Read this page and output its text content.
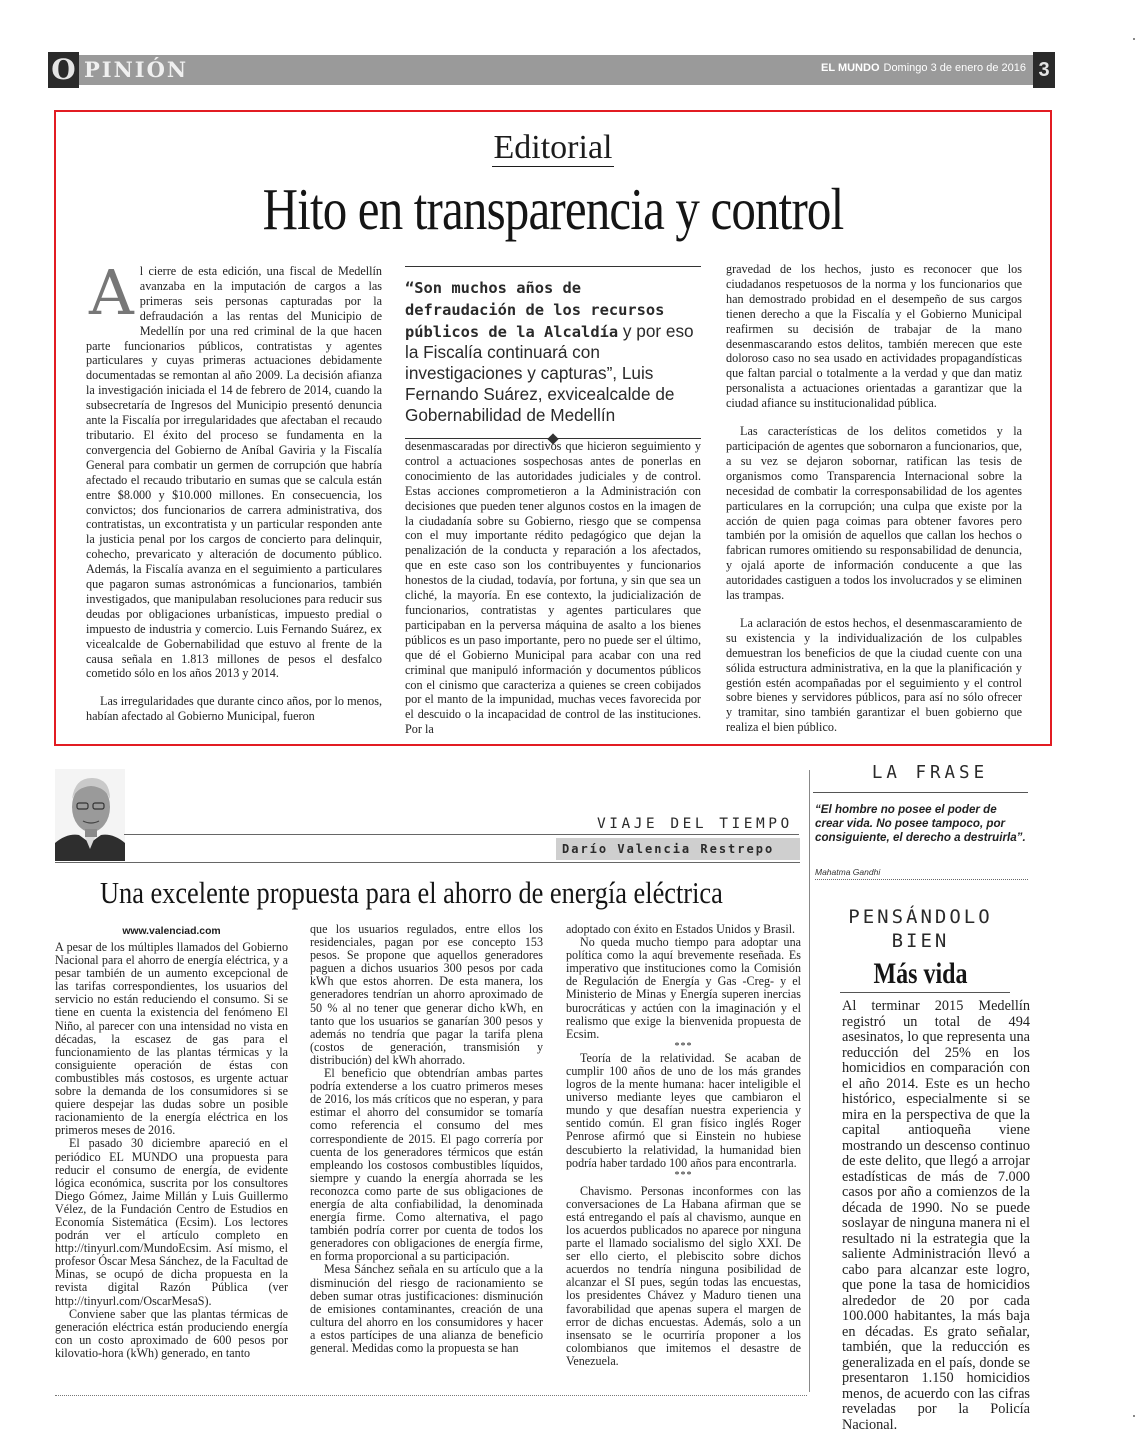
O PINIÓN	EL MUNDO Domingo 3 de enero de 2016 3
Editorial
Hito en transparencia y control

Al cierre de esta edición, una fiscal de Medellín avanzaba en la imputación de cargos a las primeras seis personas capturadas por la defraudación a las rentas del Municipio de Medellín por una red criminal de la que hacen parte funcionarios públicos, contratistas y agentes particulares y cuyas primeras actuaciones debidamente documentadas se remontan al año 2009. La decisión afianza la investigación iniciada el 14 de febrero de 2014, cuando la subsecretaría de Ingresos del Municipio presentó denuncia ante la Fiscalía por irregularidades que afectaban el recaudo tributario. El éxito del proceso se fundamenta en la convergencia del Gobierno de Aníbal Gaviria y la Fiscalía General para combatir un germen de corrupción que habría afectado el recaudo tributario en sumas que se calcula están entre $8.000 y $10.000 millones. En consecuencia, los convictos; dos funcionarios de carrera administrativa, dos contratistas, un excontratista y un particular responden ante la justicia penal por los cargos de concierto para delinquir, cohecho, prevaricato y alteración de documento público. Además, la Fiscalía avanza en el seguimiento a particulares que pagaron sumas astronómicas a funcionarios, también investigados, que manipulaban resoluciones para reducir sus deudas por obligaciones urbanísticas, impuesto predial o impuesto de industria y comercio. Luis Fernando Suárez, ex vicealcalde de Gobernabilidad que estuvo al frente de la causa señala en 1.813 millones de pesos el desfalco cometido sólo en los años 2013 y 2014.

Las irregularidades que durante cinco años, por lo menos, habían afectado al Gobierno Municipal, fueron

“Son muchos años de defraudación de los recursos públicos de la Alcaldía y por eso la Fiscalía continuará con investigaciones y capturas”, Luis Fernando Suárez, exvicealcalde de Gobernabilidad de Medellín

desenmascaradas por directivos que hicieron seguimiento y control a actuaciones sospechosas antes de ponerlas en conocimiento de las autoridades judiciales y de control. Estas acciones comprometieron a la Administración con decisiones que pueden tener algunos costos en la imagen de la ciudadanía sobre su Gobierno, riesgo que se compensa con el muy importante rédito pedagógico que dejan la penalización de la conducta y reparación a los afectados, que en este caso son los contribuyentes y funcionarios honestos de la ciudad, todavía, por fortuna, y sin que sea un cliché, la mayoría. En ese contexto, la judicialización de funcionarios, contratistas y agentes particulares que participaban en la perversa máquina de asalto a los bienes públicos es un paso importante, pero no puede ser el último, que dé el Gobierno Municipal para acabar con una red criminal que manipuló información y documentos públicos con el cinismo que caracteriza a quienes se creen cobijados por el manto de la impunidad, muchas veces favorecida por el descuido o la incapacidad de control de las instituciones. Por la

gravedad de los hechos, justo es reconocer que los ciudadanos respetuosos de la norma y los funcionarios que han demostrado probidad en el desempeño de sus cargos tienen derecho a que la Fiscalía y el Gobierno Municipal reafirmen su decisión de trabajar de la mano desenmascarando estos delitos, también merecen que este doloroso caso no sea usado en actividades propagandísticas que faltan parcial o totalmente a la verdad y que dan matiz personalista a actuaciones orientadas a garantizar que la ciudad afiance su institucionalidad pública.

Las características de los delitos cometidos y la participación de agentes que sobornaron a funcionarios, que, a su vez se dejaron sobornar, ratifican las tesis de organismos como Transparencia Internacional sobre la necesidad de combatir la corresponsabilidad de los agentes particulares en la corrupción; una culpa que existe por la acción de quien paga coimas para obtener favores pero también por la omisión de aquellos que callan los hechos o fabrican rumores omitiendo su responsabilidad de denuncia, y ojalá aporte de información conducente a que las autoridades castiguen a todos los involucrados y se eliminen las trampas.

La aclaración de estos hechos, el desenmascaramiento de su existencia y la individualización de los culpables demuestran los beneficios de que la ciudad cuente con una sólida estructura administrativa, en la que la planificación y gestión estén acompañadas por el seguimiento y el control sobre bienes y servidores públicos, para así no sólo ofrecer y tramitar, sino también garantizar el buen gobierno que realiza el bien público.

VIAJE DEL TIEMPO
Darío Valencia Restrepo
Una excelente propuesta para el ahorro de energía eléctrica
www.valenciad.com

A pesar de los múltiples llamados del Gobierno Nacional para el ahorro de energía eléctrica, y a pesar también de un aumento excepcional de las tarifas correspondientes, los usuarios del servicio no están reduciendo el consumo. Si se tiene en cuenta la existencia del fenómeno El Niño, al parecer con una intensidad no vista en décadas, la escasez de gas para el funcionamiento de las plantas térmicas y la consiguiente operación de éstas con combustibles más costosos, es urgente actuar sobre la demanda de los consumidores si se quiere despejar las dudas sobre un posible racionamiento de la energía eléctrica en los primeros meses de 2016.

El pasado 30 diciembre apareció en el periódico EL MUNDO una propuesta para reducir el consumo de energía, de evidente lógica económica, suscrita por los consultores Diego Gómez, Jaime Millán y Luis Guillermo Vélez, de la Fundación Centro de Estudios en Economía Sistemática (Ecsim). Los lectores podrán ver el artículo completo en http://tinyurl.com/MundoEcsim. Así mismo, el profesor Óscar Mesa Sánchez, de la Facultad de Minas, se ocupó de dicha propuesta en la revista digital Razón Pública (ver http://tinyurl.com/OscarMesaS).

Conviene saber que las plantas térmicas de generación eléctrica están produciendo energía con un costo aproximado de 600 pesos por kilovatio-hora (kWh) generado, en tanto

que los usuarios regulados, entre ellos los residenciales, pagan por ese concepto 153 pesos. Se propone que aquellos generadores paguen a dichos usuarios 300 pesos por cada kWh que estos ahorren. De esta manera, los generadores tendrían un ahorro aproximado de 50 % al no tener que generar dicho kWh, en tanto que los usuarios se ganarían 300 pesos y además no tendría que pagar la tarifa plena (costos de generación, transmisión y distribución) del kWh ahorrado.

El beneficio que obtendrían ambas partes podría extenderse a los cuatro primeros meses de 2016, los más críticos que no esperan, y para estimar el ahorro del consumidor se tomaría como referencia el consumo del mes correspondiente de 2015. El pago correría por cuenta de los generadores térmicos que están empleando los costosos combustibles líquidos, siempre y cuando la energía ahorrada se les reconozca como parte de sus obligaciones de energía de alta confiabilidad, la denominada energía firme. Como alternativa, el pago también podría correr por cuenta de todos los generadores con obligaciones de energía firme, en forma proporcional a su participación.

Mesa Sánchez señala en su artículo que a la disminución del riesgo de racionamiento se deben sumar otras justificaciones: disminución de emisiones contaminantes, creación de una cultura del ahorro en los consumidores y hacer a estos partícipes de una alianza de beneficio general. Medidas como la propuesta se han

adoptado con éxito en Estados Unidos y Brasil.

No queda mucho tiempo para adoptar una política como la aquí brevemente reseñada. Es imperativo que instituciones como la Comisión de Regulación de Energía y Gas -Creg- y el Ministerio de Minas y Energía superen inercias burocráticas y actúen con la imaginación y el realismo que exige la bienvenida propuesta de Ecsim.

***

Teoría de la relatividad. Se acaban de cumplir 100 años de uno de los más grandes logros de la mente humana: hacer inteligible el universo mediante leyes que cambiaron el mundo y que desafían nuestra experiencia y sentido común. El gran físico inglés Roger Penrose afirmó que si Einstein no hubiese descubierto la relatividad, la humanidad bien podría haber tardado 100 años para encontrarla.

***

Chavismo. Personas inconformes con las conversaciones de La Habana afirman que se está entregando el país al chavismo, aunque en los acuerdos publicados no aparece por ninguna parte el llamado socialismo del siglo XXI. De ser ello cierto, el plebiscito sobre dichos acuerdos no tendría ninguna posibilidad de alcanzar el SI pues, según todas las encuestas, los presidentes Chávez y Maduro tienen una favorabilidad que apenas supera el margen de error de dichas encuestas. Además, solo a un insensato se le ocurriría proponer a los colombianos que imitemos el desastre de Venezuela.

LA FRASE
“El hombre no posee el poder de crear vida. No posee tampoco, por consiguiente, el derecho a destruirla”.
Mahatma Gandhi
PENSÁNDOLO BIEN
Más vida
Al terminar 2015 Medellín registró un total de 494 asesinatos, lo que representa una reducción del 25% en los homicidios en comparación con el año 2014. Este es un hecho histórico, especialmente si se mira en la perspectiva de que la capital antioqueña viene mostrando un descenso continuo de este delito, que llegó a arrojar estadísticas de más de 7.000 casos por año a comienzos de la década de 1990. No se puede soslayar de ninguna manera ni el resultado ni la estrategia que la saliente Administración llevó a cabo para alcanzar este logro, que pone la tasa de homicidios alrededor de 20 por cada 100.000 habitantes, la más baja en décadas. Es grato señalar, también, que la reducción es generalizada en el país, donde se presentaron 1.150 homicidios menos, de acuerdo con las cifras reveladas por la Policía Nacional.
